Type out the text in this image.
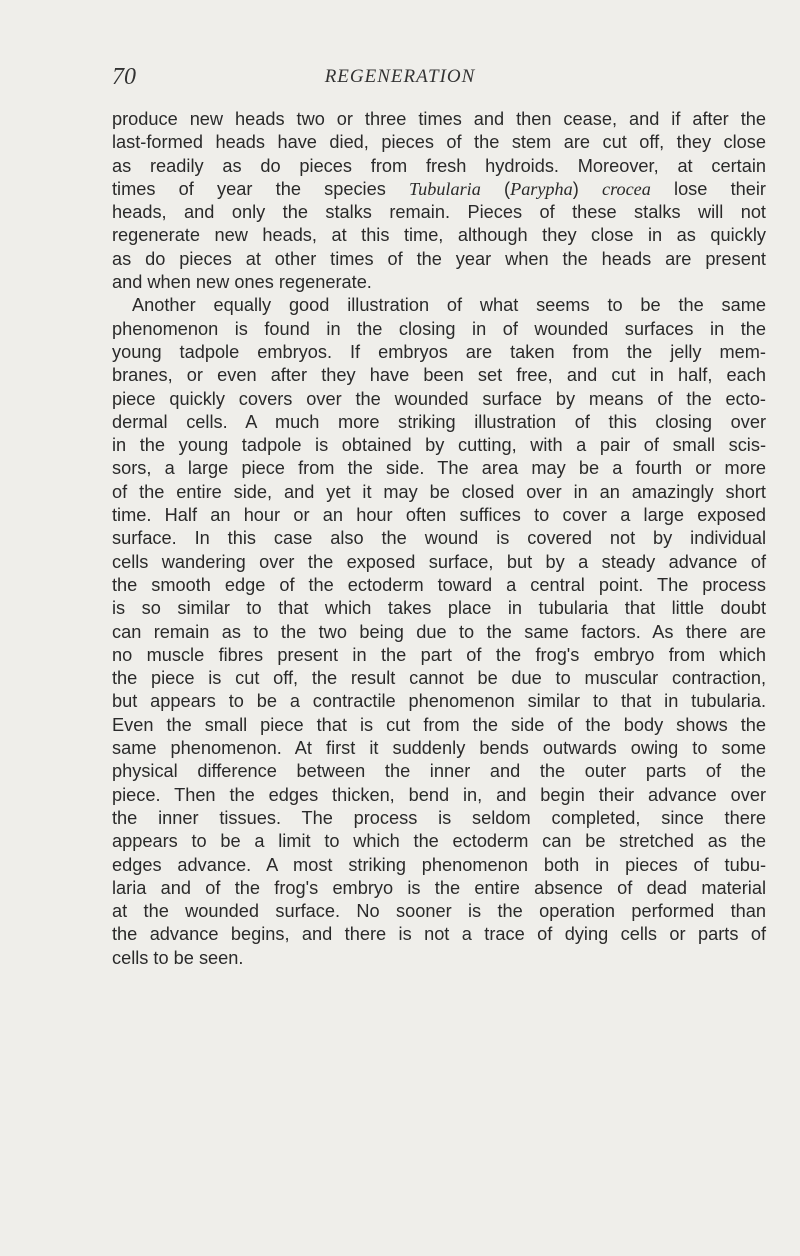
70	REGENERATION
produce new heads two or three times and then cease, and if after the
last-formed heads have died, pieces of the stem are cut off, they close
as readily as do pieces from fresh hydroids. Moreover, at certain
times of year the species Tubularia (Parypha) crocea lose their
heads, and only the stalks remain. Pieces of these stalks will not
regenerate new heads, at this time, although they close in as quickly
as do pieces at other times of the year when the heads are present
and when new ones regenerate.
Another equally good illustration of what seems to be the same
phenomenon is found in the closing in of wounded surfaces in the
young tadpole embryos. If embryos are taken from the jelly mem-
branes, or even after they have been set free, and cut in half, each
piece quickly covers over the wounded surface by means of the ecto-
dermal cells. A much more striking illustration of this closing over
in the young tadpole is obtained by cutting, with a pair of small scis-
sors, a large piece from the side. The area may be a fourth or more
of the entire side, and yet it may be closed over in an amazingly short
time. Half an hour or an hour often suffices to cover a large exposed
surface. In this case also the wound is covered not by individual
cells wandering over the exposed surface, but by a steady advance of
the smooth edge of the ectoderm toward a central point. The process
is so similar to that which takes place in tubularia that little doubt
can remain as to the two being due to the same factors. As there are
no muscle fibres present in the part of the frog's embryo from which
the piece is cut off, the result cannot be due to muscular contraction,
but appears to be a contractile phenomenon similar to that in tubularia.
Even the small piece that is cut from the side of the body shows the
same phenomenon. At first it suddenly bends outwards owing to some
physical difference between the inner and the outer parts of the
piece. Then the edges thicken, bend in, and begin their advance over
the inner tissues. The process is seldom completed, since there
appears to be a limit to which the ectoderm can be stretched as the
edges advance. A most striking phenomenon both in pieces of tubu-
laria and of the frog's embryo is the entire absence of dead material
at the wounded surface. No sooner is the operation performed than
the advance begins, and there is not a trace of dying cells or parts of
cells to be seen.
